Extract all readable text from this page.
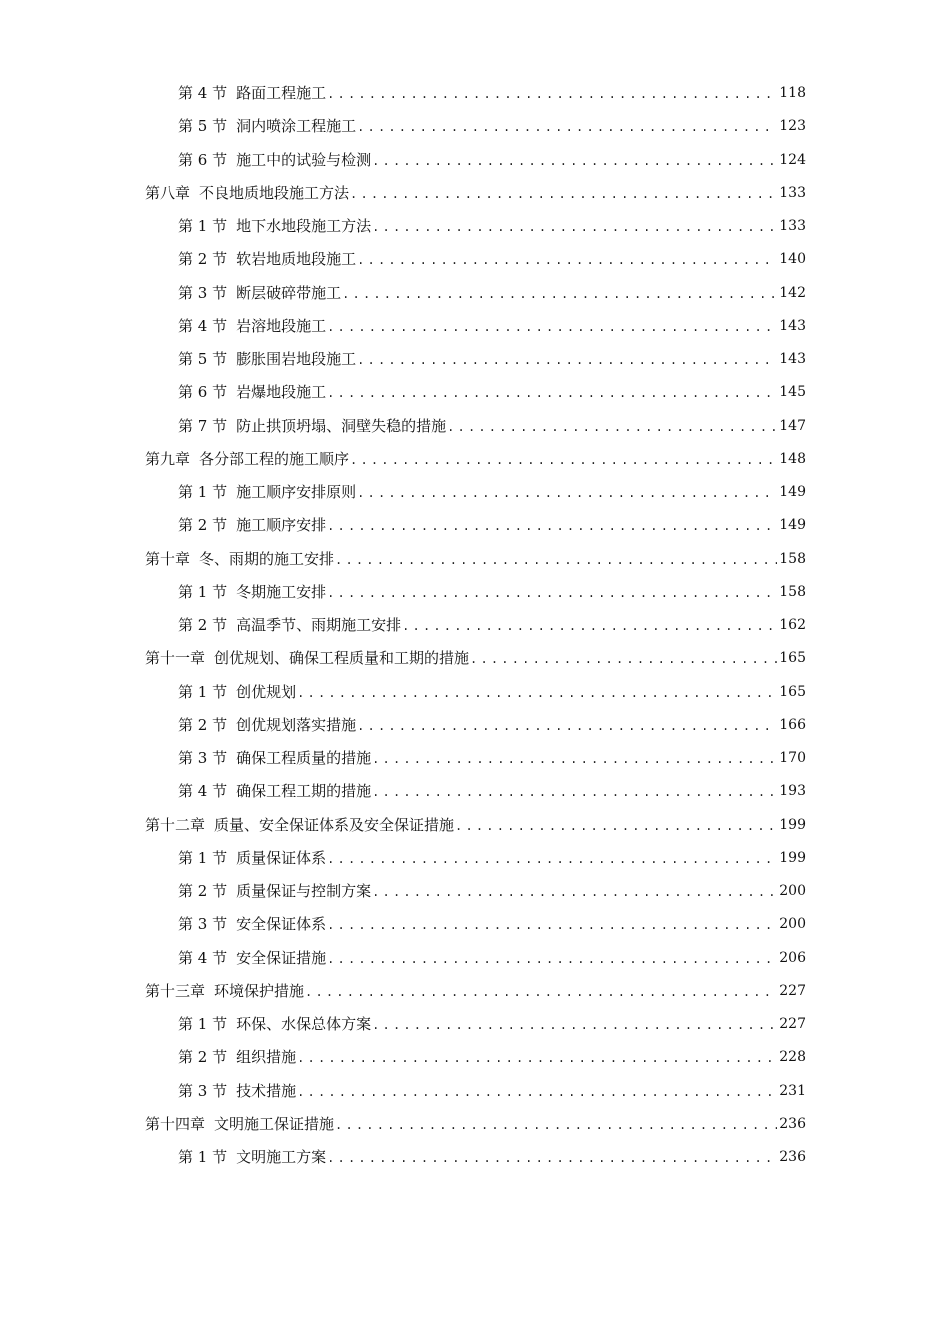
第 4 节 路面工程施工 .....	118
第 5 节 洞内喷涂工程施工 .....	123
第 6 节 施工中的试验与检测 .....	124
第八章 不良地质地段施工方法 .....	133
第 1 节 地下水地段施工方法 .....	133
第 2 节 软岩地质地段施工 .....	140
第 3 节 断层破碎带施工 .....	142
第 4 节 岩溶地段施工 .....	143
第 5 节 膨胀围岩地段施工 .....	143
第 6 节 岩爆地段施工 .....	145
第 7 节 防止拱顶坍塌、洞壁失稳的措施 .....	147
第九章 各分部工程的施工顺序 .....	148
第 1 节 施工顺序安排原则 .....	149
第 2 节 施工顺序安排 .....	149
第十章 冬、雨期的施工安排 .....	158
第 1 节 冬期施工安排 .....	158
第 2 节 高温季节、雨期施工安排 .....	162
第十一章 创优规划、确保工程质量和工期的措施 .....	165
第 1 节 创优规划 .....	165
第 2 节 创优规划落实措施 .....	166
第 3 节 确保工程质量的措施 .....	170
第 4 节 确保工程工期的措施 .....	193
第十二章 质量、安全保证体系及安全保证措施 .....	199
第 1 节 质量保证体系 .....	199
第 2 节 质量保证与控制方案 .....	200
第 3 节 安全保证体系 .....	200
第 4 节 安全保证措施 .....	206
第十三章 环境保护措施 .....	227
第 1 节 环保、水保总体方案 .....	227
第 2 节 组织措施 .....	228
第 3 节 技术措施 .....	231
第十四章 文明施工保证措施 .....	236
第 1 节 文明施工方案 .....	236
